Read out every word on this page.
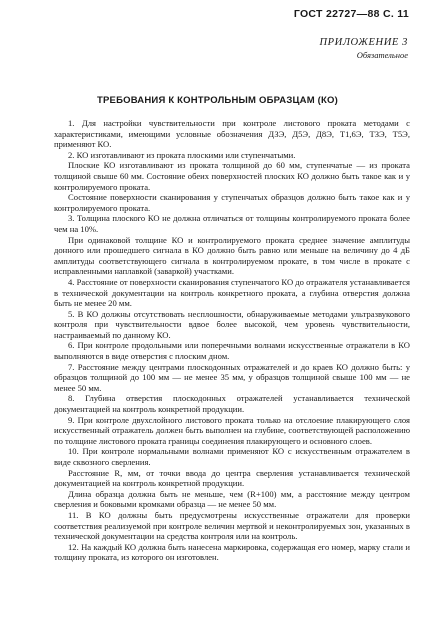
ГОСТ 22727—88 С. 11
ПРИЛОЖЕНИЕ 3
Обязательное
ТРЕБОВАНИЯ К КОНТРОЛЬНЫМ ОБРАЗЦАМ (КО)

1. Для настройки чувствительности при контроле листового проката методами с характеристиками, имеющими условные обозначения ДЗЭ, Д5Э, Д8Э, Т1,6Э, ТЗЭ, Т5Э, применяют КО.

2. КО изготавливают из проката плоскими или ступенчатыми.

Плоские КО изготавливают из проката толщиной до 60 мм, ступенчатые — из проката толщиной свыше 60 мм. Состояние обеих поверхностей плоских КО должно быть такое как и у контролируемого проката.

Состояние поверхности сканирования у ступенчатых образцов должно быть такое как и у контролируемого проката.

3. Толщина плоского КО не должна отличаться от толщины контролируемого проката более чем на 10%.

При одинаковой толщине КО и контролируемого проката среднее значение амплитуды донного или прошедшего сигнала в КО должно быть равно или меньше на величину до 4 дБ амплитуды соответствующего сигнала в контролируемом прокате, в том числе в прокате с исправленными наплавкой (заваркой) участками.

4. Расстояние от поверхности сканирования ступенчатого КО до отражателя устанавливается в технической документации на контроль конкретного проката, а глубина отверстия должна быть не менее 20 мм.

5. В КО должны отсутствовать несплошности, обнаруживаемые методами ультразвукового контроля при чувствительности вдвое более высокой, чем уровень чувствительности, настраиваемый по данному КО.

6. При контроле продольными или поперечными волнами искусственные отражатели в КО выполняются в виде отверстия с плоским дном.

7. Расстояние между центрами плоскодонных отражателей и до краев КО должно быть: у образцов толщиной до 100 мм — не менее 35 мм, у образцов толщиной свыше 100 мм — не менее 50 мм.

8. Глубина отверстия плоскодонных отражателей устанавливается технической документацией на контроль конкретной продукции.

9. При контроле двухслойного листового проката только на отслоение плакирующего слоя искусственный отражатель должен быть выполнен на глубине, соответствующей расположению по толщине листового проката границы соединения плакирующего и основного слоев.

10. При контроле нормальными волнами применяют КО с искусственным отражателем в виде сквозного сверления.

Расстояние R, мм, от точки ввода до центра сверления устанавливается технической документацией на контроль конкретной продукции.

Длина образца должна быть не меньше, чем (R+100) мм, а расстояние между центром сверления и боковыми кромками образца — не менее 50 мм.

11. В КО должны быть предусмотрены искусственные отражатели для проверки соответствия реализуемой при контроле величин мертвой и неконтролируемых зон, указанных в технической документации на средства контроля или на контроль.

12. На каждый КО должна быть нанесена маркировка, содержащая его номер, марку стали и толщину проката, из которого он изготовлен.
